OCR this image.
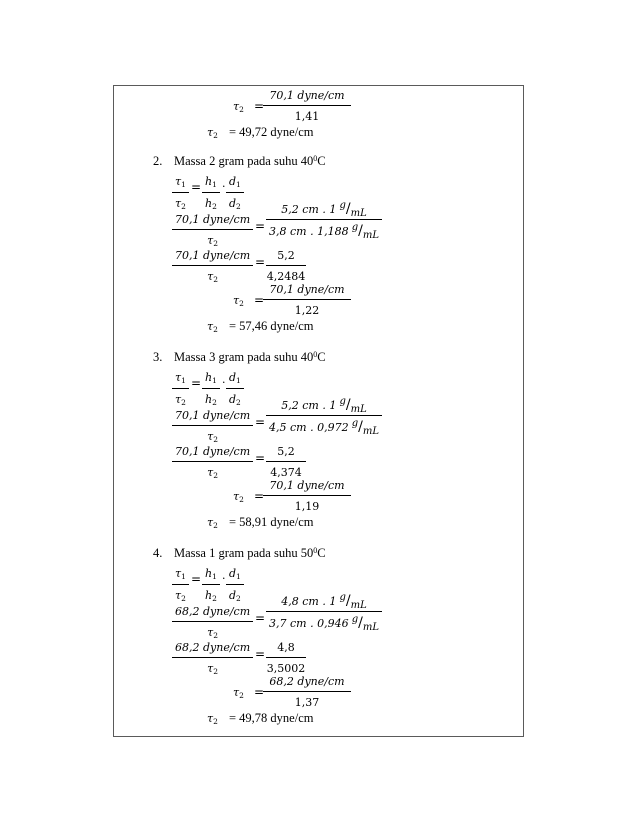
$\tau_2$ =
70,1 dyne/cm
1,41
$\tau_2 = 49,72$ dyne/cm
2. Massa 2 gram pada suhu $40^0C$
$\frac{\tau_1}{\tau_2} = \frac{h_1}{h_2} \cdot \frac{d_1}{d_2}$
70,1 dyne/cm
$\tau_2$
= $\frac{5,2 cm . 1 g/mL}{3,8 cm . 1,188 g/mL}$
70,1 dyne/cm
$\tau_2$
= $\frac{5,2}{4,2484}$
$\tau_2$ =
70,1 dyne/cm
1,22
$\tau_2 = 57,46$ dyne/cm
3. Massa 3 gram pada suhu $40^0C$
$\frac{\tau_1}{\tau_2} = \frac{h_1}{h_2} \cdot \frac{d_1}{d_2}$
70,1 dyne/cm
$\tau_2$
= $\frac{5,2 cm . 1 g/mL}{4,5 cm . 0,972 g/mL}$
70,1 dyne/cm
$\tau_2$
= $\frac{5,2}{4,374}$
$\tau_2$ =
70,1 dyne/cm
1,19
$\tau_2 = 58,91$ dyne/cm
4. Massa 1 gram pada suhu $50^0C$
$\frac{\tau_1}{\tau_2} = \frac{h_1}{h_2} \cdot \frac{d_1}{d_2}$
68,2 dyne/cm
$\tau_2$
= $\frac{4,8 cm . 1 g/mL}{3,7 cm . 0,946 g/mL}$
68,2 dyne/cm
$\tau_2$
= $\frac{4,8}{3,5002}$
$\tau_2$ =
68,2 dyne/cm
1,37
$\tau_2 = 49,78$ dyne/cm
